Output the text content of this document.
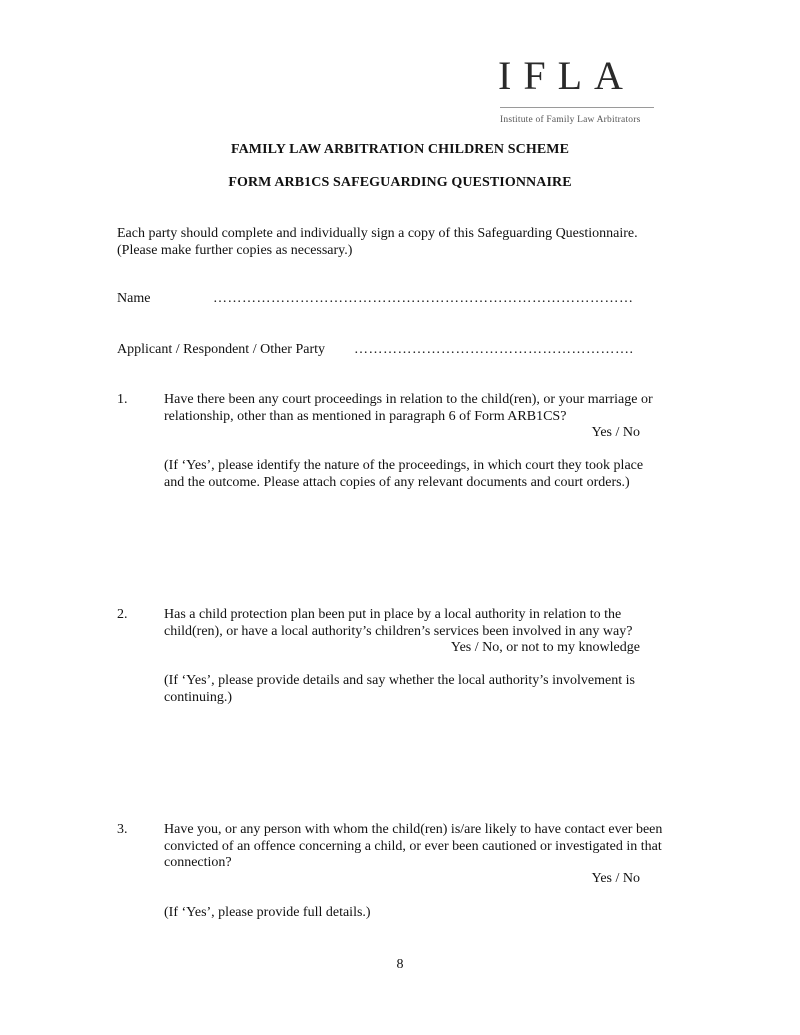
IFLA
Institute of Family Law Arbitrators
FAMILY LAW ARBITRATION CHILDREN SCHEME
FORM ARB1CS SAFEGUARDING QUESTIONNAIRE
Each party should complete and individually sign a copy of this Safeguarding Questionnaire.
(Please make further copies as necessary.)
Name	……………………………………………………………………………
Applicant / Respondent / Other Party ………………………………………………….
1.	Have there been any court proceedings in relation to the child(ren), or your marriage or
relationship, other than as mentioned in paragraph 6 of Form ARB1CS?
Yes / No
(If ‘Yes’, please identify the nature of the proceedings, in which court they took place
and the outcome. Please attach copies of any relevant documents and court orders.)
2.	Has a child protection plan been put in place by a local authority in relation to the
child(ren), or have a local authority’s children’s services been involved in any way?
Yes / No, or not to my knowledge
(If ‘Yes’, please provide details and say whether the local authority’s involvement is
continuing.)
3.	Have you, or any person with whom the child(ren) is/are likely to have contact ever been
convicted of an offence concerning a child, or ever been cautioned or investigated in that
connection?
Yes / No
(If ‘Yes’, please provide full details.)
8
